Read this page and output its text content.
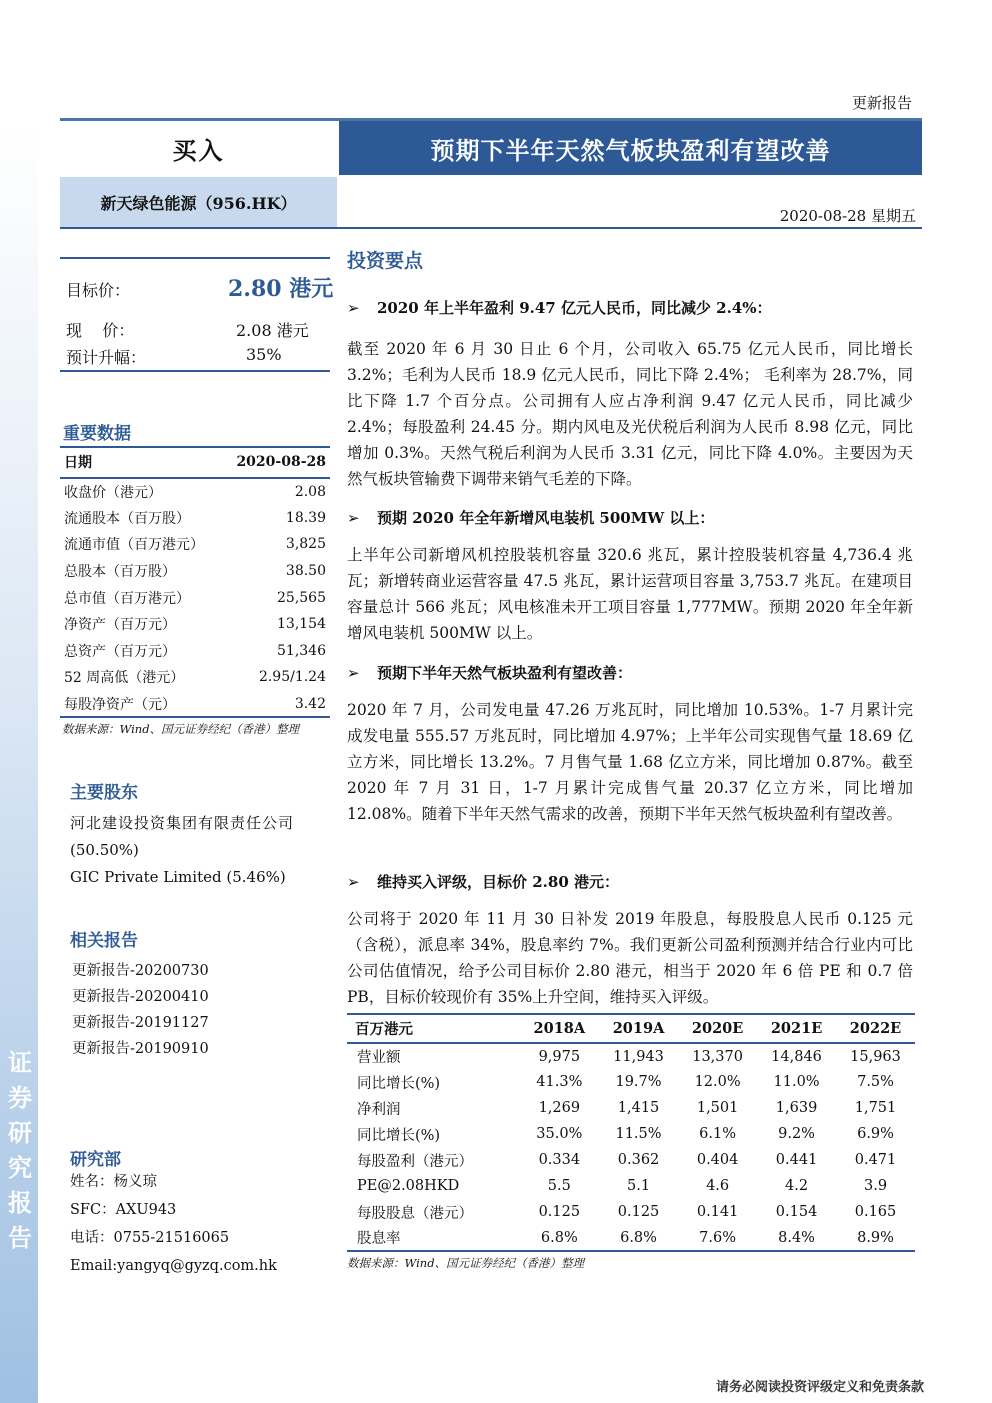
证
券
研
究
报
告
更新报告
买入	预期下半年天然气板块盈利有望改善
新天绿色能源（956.HK）
2020-08-28 星期五
目标价：	2.80 港元
现    价：	2.08 港元
预计升幅：	35%
重要数据
日期	2020-08-28
收盘价（港元）	2.08
流通股本（百万股）	18.39
流通市值（百万港元）	3,825
总股本（百万股）	38.50
总市值（百万港元）	25,565
净资产（百万元）	13,154
总资产（百万元）	51,346
52 周高低（港元）	2.95/1.24
每股净资产（元）	3.42
数据来源：Wind、国元证券经纪（香港）整理
主要股东
河北建设投资集团有限责任公司
(50.50%)
GIC Private Limited (5.46%)
相关报告
更新报告-20200730
更新报告-20200410
更新报告-20191127
更新报告-20190910
研究部
姓名：杨义琼
SFC：AXU943
电话：0755-21516065
Email:yangyq@gyzq.com.hk
投资要点
➢	2020 年上半年盈利 9.47 亿元人民币，同比减少 2.4%：
截至 2020 年 6 月 30 日止 6 个月，公司收入 65.75 亿元人民币，同比增长 3.2%；毛利为人民币 18.9 亿元人民币，同比下降 2.4%； 毛利率为 28.7%，同比下降 1.7 个百分点。公司拥有人应占净利润 9.47 亿元人民币，同比减少 2.4%；每股盈利 24.45 分。期内风电及光伏税后利润为人民币 8.98 亿元，同比增加 0.3%。天然气税后利润为人民币 3.31 亿元，同比下降 4.0%。主要因为天然气板块管输费下调带来销气毛差的下降。
➢	预期 2020 年全年新增风电装机 500MW 以上：
上半年公司新增风机控股装机容量 320.6 兆瓦，累计控股装机容量 4,736.4 兆瓦；新增转商业运营容量 47.5 兆瓦，累计运营项目容量 3,753.7 兆瓦。在建项目容量总计 566 兆瓦；风电核准未开工项目容量 1,777MW。预期 2020 年全年新增风电装机 500MW 以上。
➢	预期下半年天然气板块盈利有望改善：
2020 年 7 月，公司发电量 47.26 万兆瓦时，同比增加 10.53%。1-7 月累计完成发电量 555.57 万兆瓦时，同比增加 4.97%；上半年公司实现售气量 18.69 亿立方米，同比增长 13.2%。7 月售气量 1.68 亿立方米，同比增加 0.87%。截至 2020 年 7 月 31 日，1-7 月累计完成售气量 20.37 亿立方米，同比增加 12.08%。随着下半年天然气需求的改善，预期下半年天然气板块盈利有望改善。
➢	维持买入评级，目标价 2.80 港元：
公司将于 2020 年 11 月 30 日补发 2019 年股息，每股股息人民币 0.125 元（含税），派息率 34%，股息率约 7%。我们更新公司盈利预测并结合行业内可比公司估值情况，给予公司目标价 2.80 港元，相当于 2020 年 6 倍 PE 和 0.7 倍 PB，目标价较现价有 35%上升空间，维持买入评级。
百万港元	2018A	2019A	2020E	2021E	2022E
营业额	9,975	11,943	13,370	14,846	15,963
同比增长(%)	41.3%	19.7%	12.0%	11.0%	7.5%
净利润	1,269	1,415	1,501	1,639	1,751
同比增长(%)	35.0%	11.5%	6.1%	9.2%	6.9%
每股盈利（港元）	0.334	0.362	0.404	0.441	0.471
PE@2.08HKD	5.5	5.1	4.6	4.2	3.9
每股股息（港元）	0.125	0.125	0.141	0.154	0.165
股息率	6.8%	6.8%	7.6%	8.4%	8.9%
数据来源：Wind、国元证券经纪（香港）整理
请务必阅读投资评级定义和免责条款
